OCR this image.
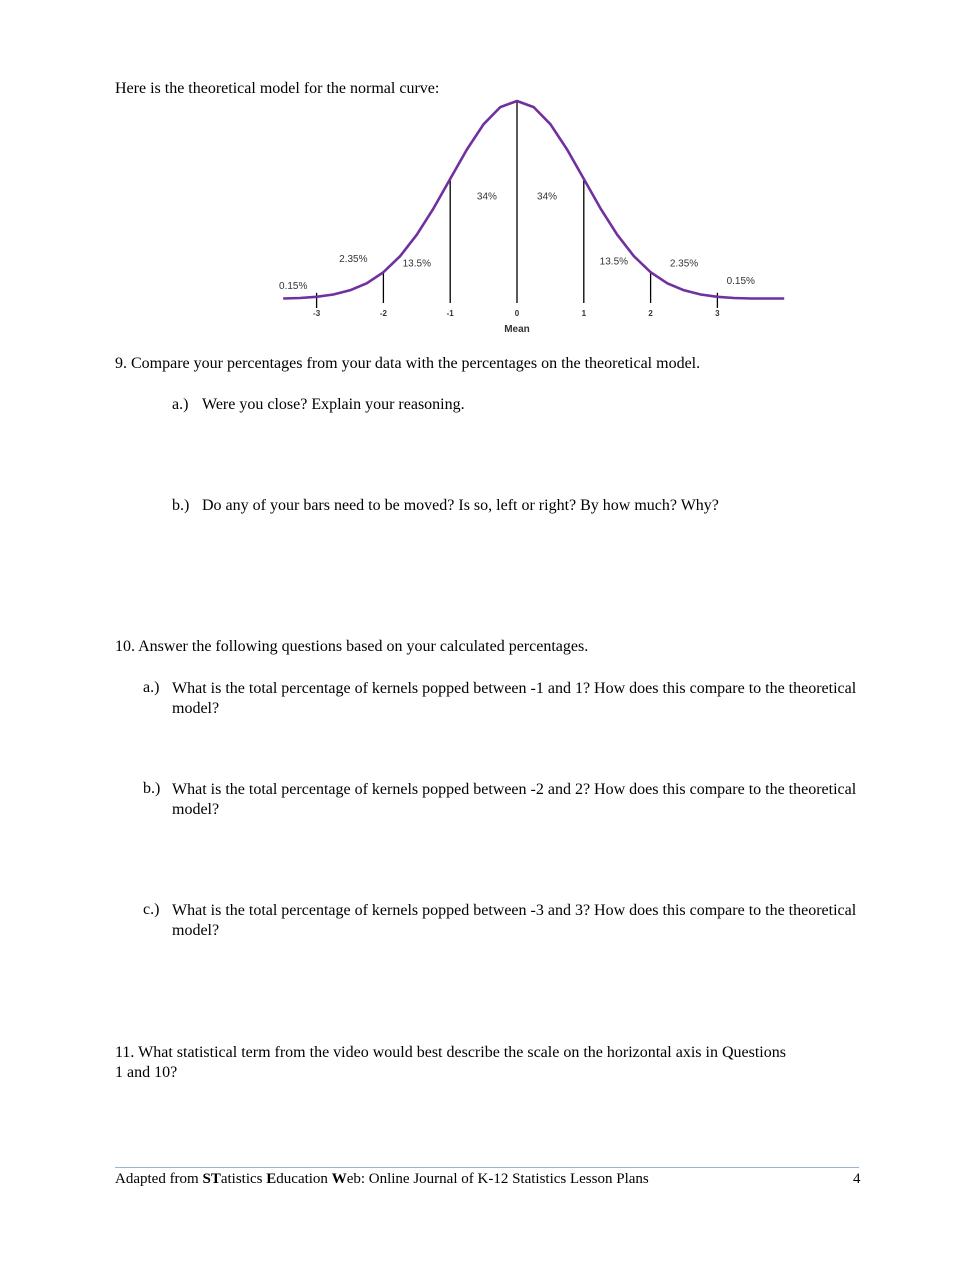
Here is the theoretical model for the normal curve:
-3	-2	-1	0	1	2	3
Mean
0.15%
2.35%	13.5%
34%	34%
13.5%	2.35%
0.15%
9. Compare your percentages from your data with the percentages on the theoretical model.
a.) Were you close? Explain your reasoning.
b.) Do any of your bars need to be moved? Is so, left or right? By how much? Why?
10. Answer the following questions based on your calculated percentages.
a.) What is the total percentage of kernels popped between -1 and 1? How does this compare to the theoretical model?
b.) What is the total percentage of kernels popped between -2 and 2? How does this compare to the theoretical model?
c.) What is the total percentage of kernels popped between -3 and 3? How does this compare to the theoretical model?
11. What statistical term from the video would best describe the scale on the horizontal axis in Questions 1 and 10?
Adapted from STatistics Education Web: Online Journal of K-12 Statistics Lesson Plans	4
